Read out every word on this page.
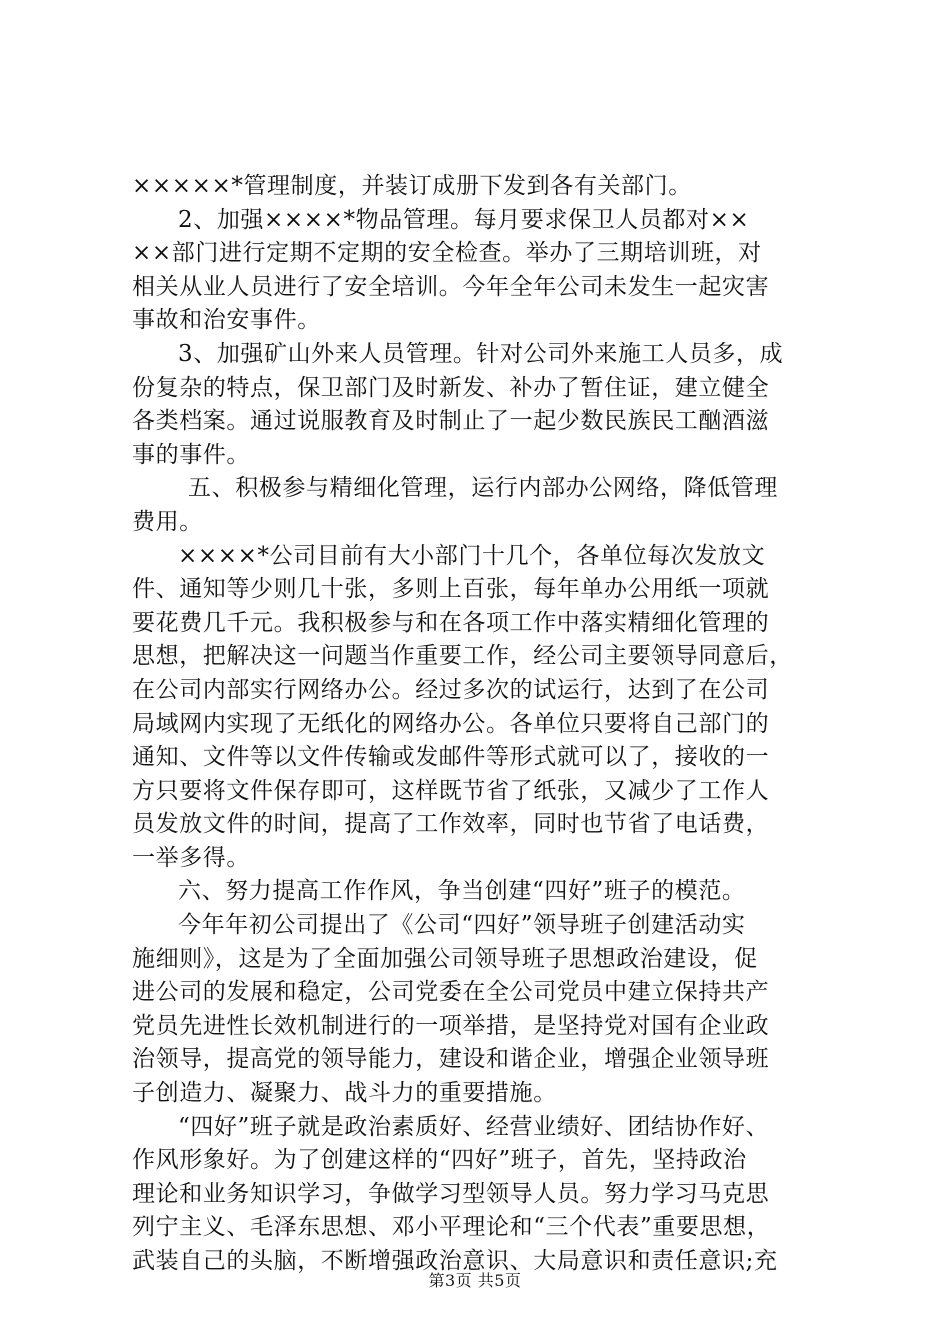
×××××*管理制度，并装订成册下发到各有关部门。
2、加强××××*物品管理。每月要求保卫人员都对××
××部门进行定期不定期的安全检查。举办了三期培训班，对
相关从业人员进行了安全培训。今年全年公司未发生一起灾害
事故和治安事件。
3、加强矿山外来人员管理。针对公司外来施工人员多，成
份复杂的特点，保卫部门及时新发、补办了暂住证，建立健全
各类档案。通过说服教育及时制止了一起少数民族民工酗酒滋
事的事件。
五、积极参与精细化管理，运行内部办公网络，降低管理
费用。
××××*公司目前有大小部门十几个，各单位每次发放文
件、通知等少则几十张，多则上百张，每年单办公用纸一项就
要花费几千元。我积极参与和在各项工作中落实精细化管理的
思想，把解决这一问题当作重要工作，经公司主要领导同意后，
在公司内部实行网络办公。经过多次的试运行，达到了在公司
局域网内实现了无纸化的网络办公。各单位只要将自己部门的
通知、文件等以文件传输或发邮件等形式就可以了，接收的一
方只要将文件保存即可，这样既节省了纸张，又减少了工作人
员发放文件的时间，提高了工作效率，同时也节省了电话费，
一举多得。
六、努力提高工作作风，争当创建“四好”班子的模范。
今年年初公司提出了《公司“四好”领导班子创建活动实
施细则》，这是为了全面加强公司领导班子思想政治建设，促
进公司的发展和稳定，公司党委在全公司党员中建立保持共产
党员先进性长效机制进行的一项举措，是坚持党对国有企业政
治领导，提高党的领导能力，建设和谐企业，增强企业领导班
子创造力、凝聚力、战斗力的重要措施。
“四好”班子就是政治素质好、经营业绩好、团结协作好、
作风形象好。为了创建这样的“四好”班子，首先，坚持政治
理论和业务知识学习，争做学习型领导人员。努力学习马克思
列宁主义、毛泽东思想、邓小平理论和“三个代表”重要思想，
武装自己的头脑，不断增强政治意识、大局意识和责任意识;充
第3页 共5页
